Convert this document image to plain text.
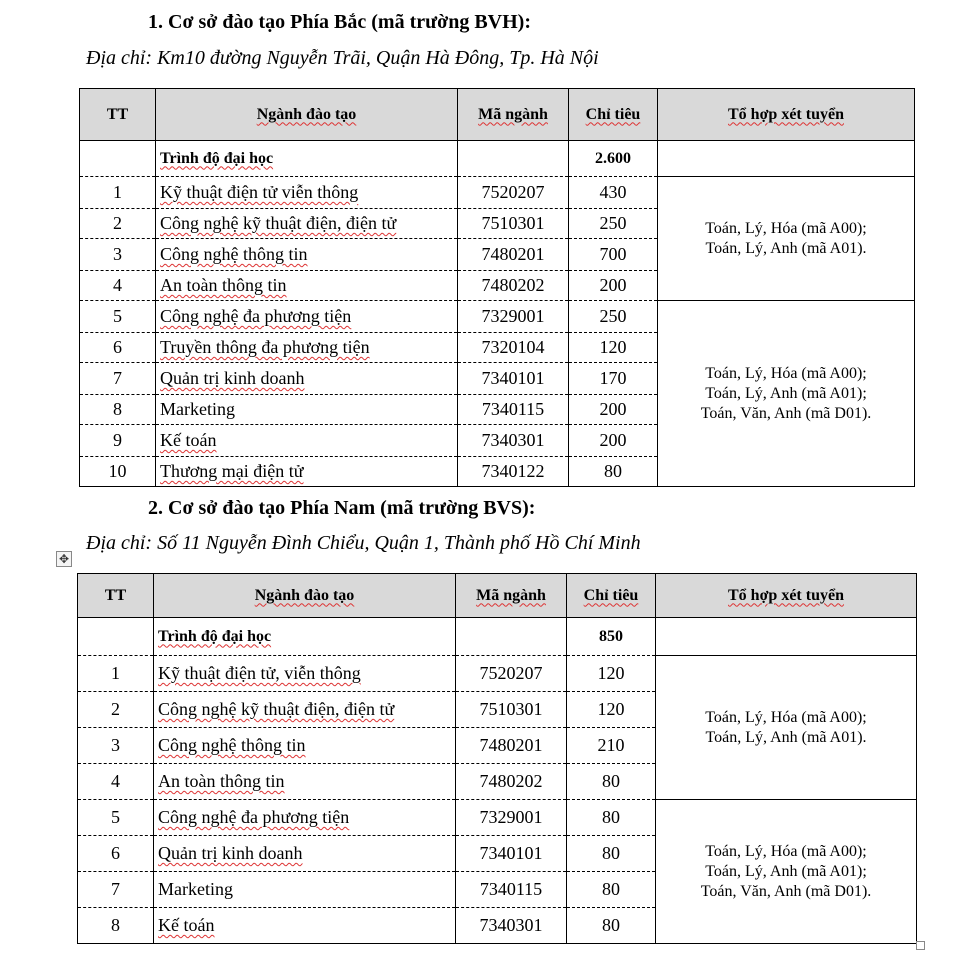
1. Cơ sở đào tạo Phía Bắc (mã trường BVH):
Địa chỉ: Km10 đường Nguyễn Trãi, Quận Hà Đông, Tp. Hà Nội
TT	Ngành đào tạo	Mã ngành	Chỉ tiêu	Tổ hợp xét tuyển
	Trình độ đại học		2.600	
1	Kỹ thuật điện tử viễn thông	7520207	430	Toán, Lý, Hóa (mã A00);
Toán, Lý, Anh (mã A01).

2	Công nghệ kỹ thuật điện, điện tử	7510301	250	
3	Công nghệ thông tin	7480201	700	
4	An toàn thông tin	7480202	200	
5	Công nghệ đa phương tiện	7329001	250	Toán, Lý, Hóa (mã A00);
Toán, Lý, Anh (mã A01);
Toán, Văn, Anh (mã D01).

6	Truyền thông đa phương tiện	7320104	120	
7	Quản trị kinh doanh	7340101	170	
8	Marketing	7340115	200	
9	Kế toán	7340301	200	
10	Thương mại điện tử	7340122	80	
2. Cơ sở đào tạo Phía Nam (mã trường BVS):
✥
Địa chỉ: Số 11 Nguyễn Đình Chiểu, Quận 1, Thành phố Hồ Chí Minh
TT	Ngành đào tạo	Mã ngành	Chỉ tiêu	Tổ hợp xét tuyển
	Trình độ đại học		850	
1	Kỹ thuật điện tử, viễn thông	7520207	120	Toán, Lý, Hóa (mã A00);
Toán, Lý, Anh (mã A01).

2	Công nghệ kỹ thuật điện, điện tử	7510301	120	
3	Công nghệ thông tin	7480201	210	
4	An toàn thông tin	7480202	80	
5	Công nghệ đa phương tiện	7329001	80	Toán, Lý, Hóa (mã A00);
Toán, Lý, Anh (mã A01);
Toán, Văn, Anh (mã D01).

6	Quản trị kinh doanh	7340101	80	
7	Marketing	7340115	80	
8	Kế toán	7340301	80	
